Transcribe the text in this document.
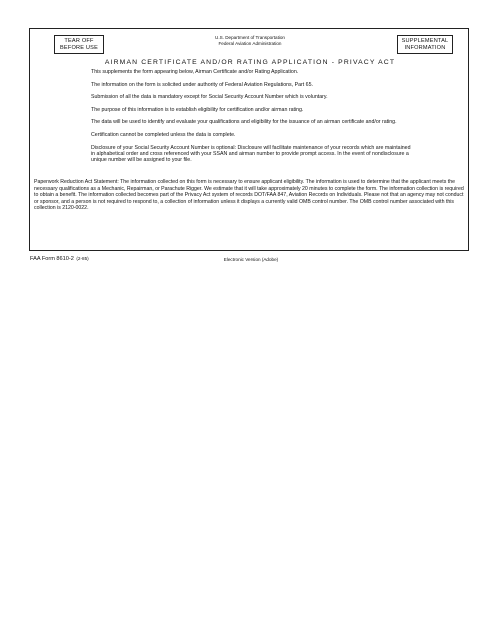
TEAR OFF
BEFORE USE
U.S. Department of Transportation
Federal Aviation Administration	SUPPLEMENTAL
INFORMATION
AIRMAN CERTIFICATE AND/OR RATING APPLICATION - PRIVACY ACT

This supplements the form appearing below, Airman Certificate and/or Rating Application.

The information on the form is solicited under authority of Federal Aviation Regulations, Part 65.

Submission of all the data is mandatory except for Social Security Account Number which is voluntary.

The purpose of this information is to establish eligibility for certification and/or airman rating.

The data will be used to identify and evaluate your qualifications and eligibility for the issuance of an airman certificate and/or rating.

Certification cannot be completed unless the data is complete.

Disclosure of your Social Security Account Number is optional: Disclosure will facilitate maintenance of your records which are maintained in alphabetical order and cross referenced with your SSAN and airman number to provide prompt access. In the event of nondisclosure a unique number will be assigned to your file.

Paperwork Reduction Act Statement: The information collected on this form is necessary to ensure applicant eligibility. The information is used to determine that the applicant meets the necessary qualifications as a Mechanic, Repairman, or Parachute Rigger. We estimate that it will take approximately 20 minutes to complete the form. The information collection is required to obtain a benefit. The information collected becomes part of the Privacy Act system of records DOT/FAA 847, Aviation Records on Individuals. Please not that an agency may not conduct or sponsor, and a person is not required to respond to, a collection of information unless it displays a currently valid OMB control number. The OMB control number associated with this collection is 2120-0022.

FAA Form 8610-2 (2-85)	Electronic Version (Adobe)
